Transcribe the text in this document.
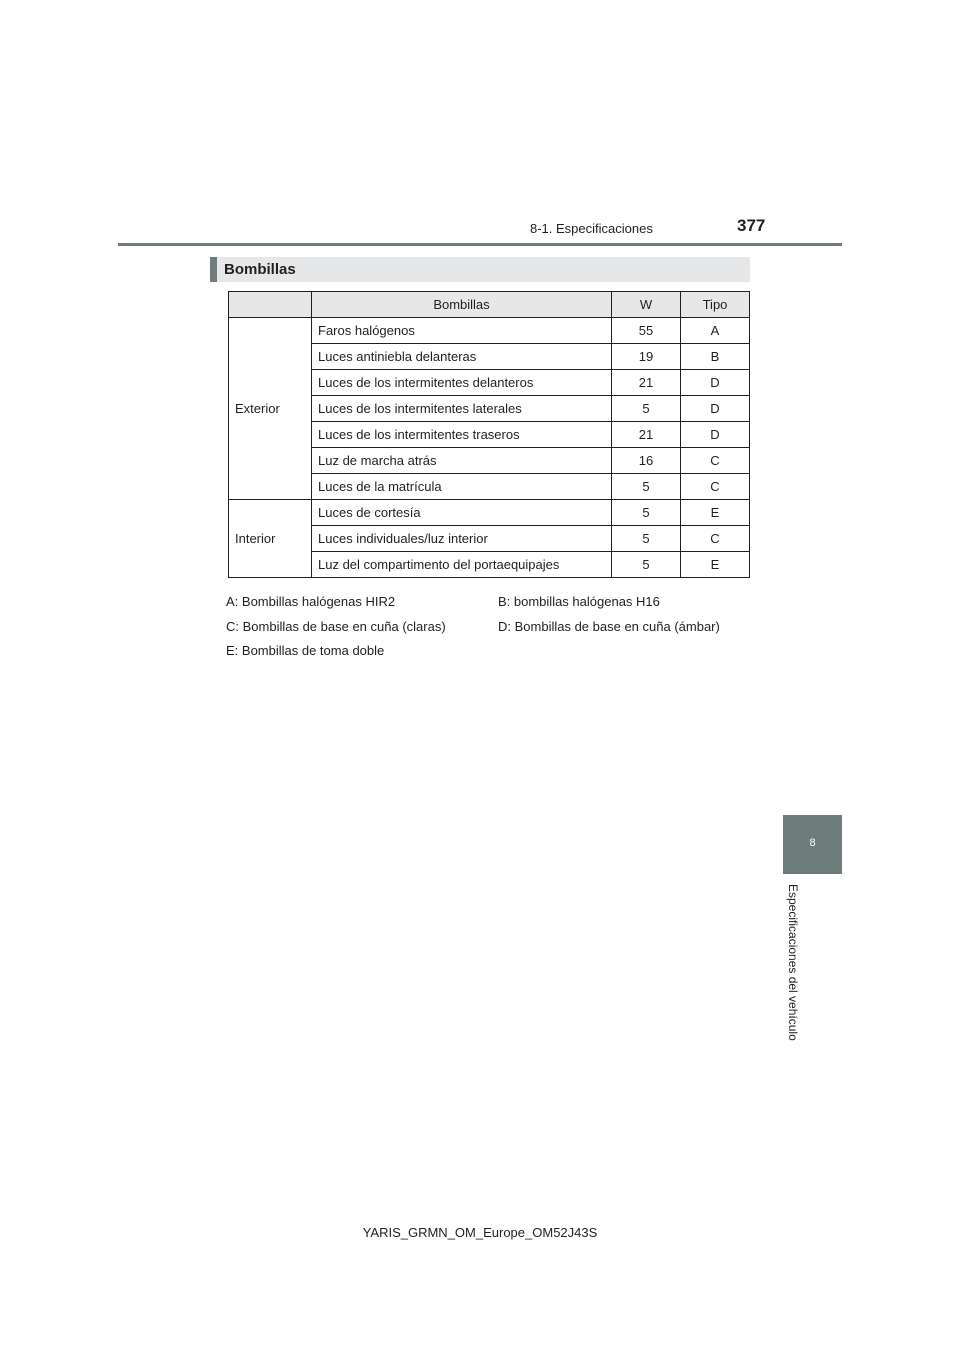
8-1. Especificaciones	377
Bombillas
	Bombillas	W	Tipo
Exterior	Faros halógenos	55	A
	Luces antiniebla delanteras	19	B
	Luces de los intermitentes delanteros	21	D
	Luces de los intermitentes laterales	5	D
	Luces de los intermitentes traseros	21	D
	Luz de marcha atrás	16	C
	Luces de la matrícula	5	C
Interior	Luces de cortesía	5	E
	Luces individuales/luz interior	5	C
	Luz del compartimento del portaequipajes	5	E
A: Bombillas halógenas HIR2	B: bombillas halógenas H16
C: Bombillas de base en cuña (claras)	D: Bombillas de base en cuña (ámbar)
E: Bombillas de toma doble
8
Especificaciones del vehículo
YARIS_GRMN_OM_Europe_OM52J43S
